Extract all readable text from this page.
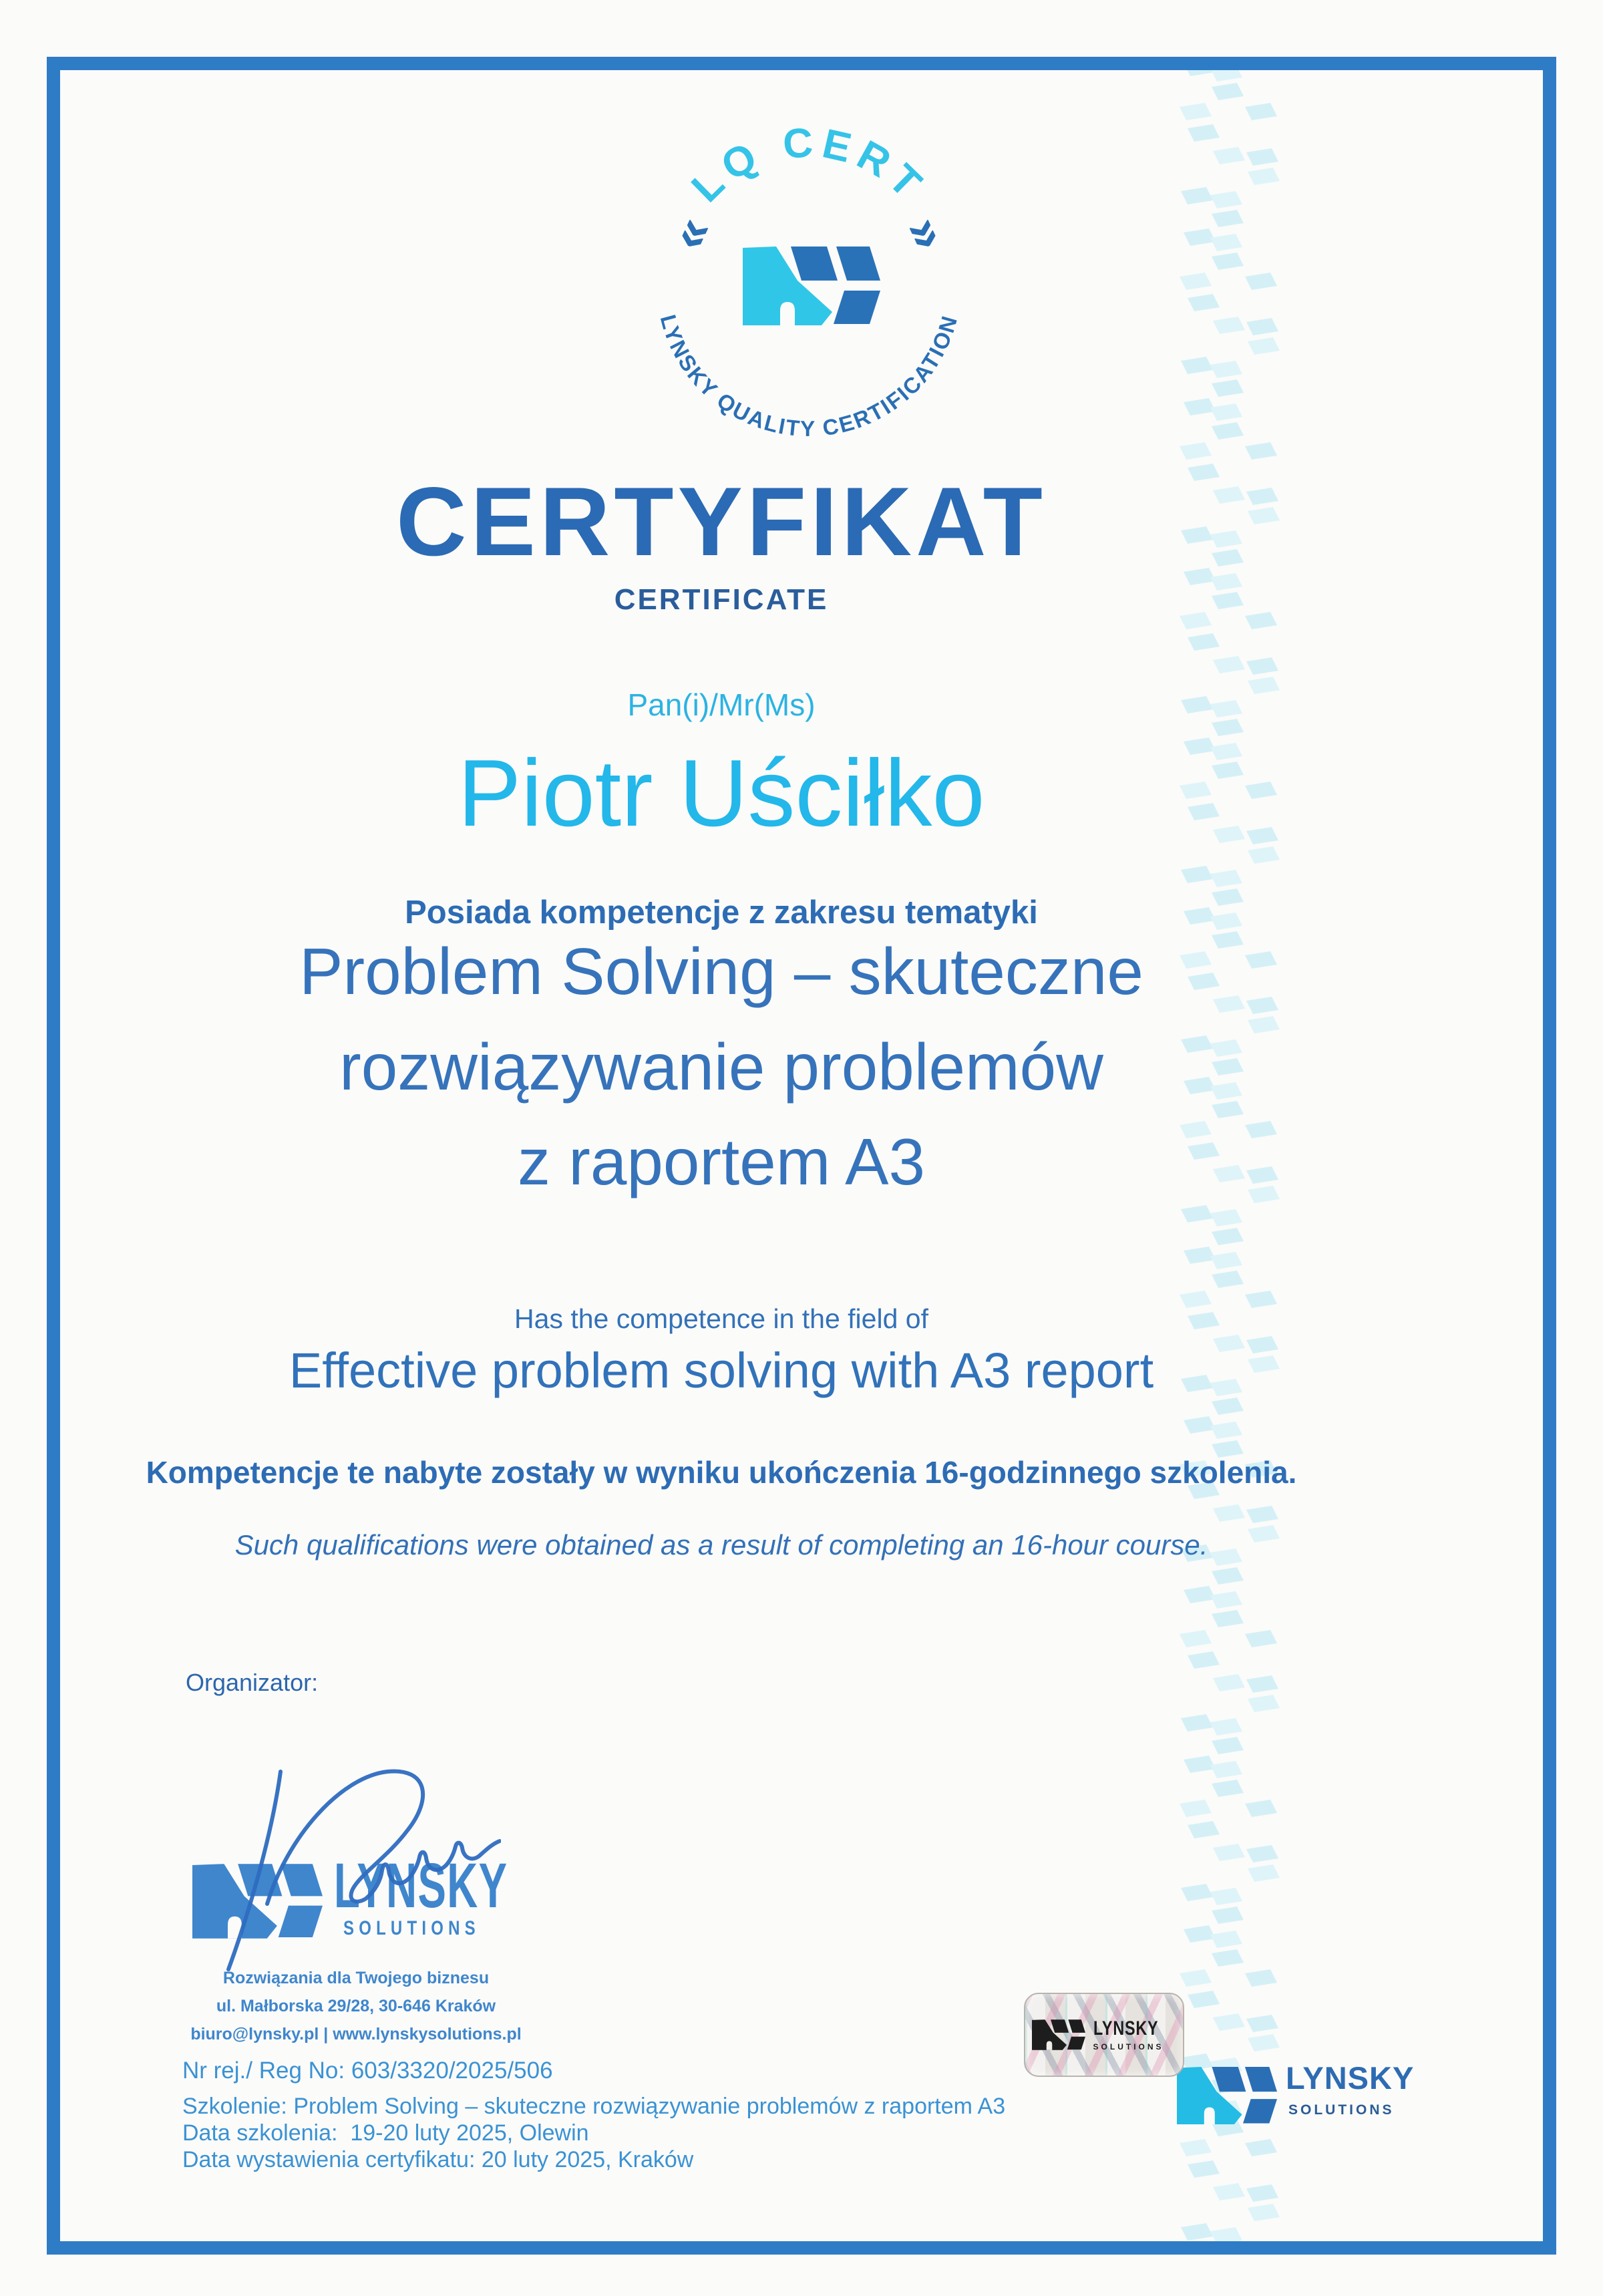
LQ CERT
LYNSKY QUALITY CERTIFICATION
«	»
CERTYFIKAT
CERTIFICATE
Pan(i)/Mr(Ms)
Piotr Uściłko
Posiada kompetencje z zakresu tematyki
Problem Solving – skuteczne
rozwiązywanie problemów
z raportem A3
Has the competence in the field of
Effective problem solving with A3 report
Kompetencje te nabyte zostały w wyniku ukończenia 16-godzinnego szkolenia.
Such qualifications were obtained as a result of completing an 16-hour course.
Organizator:
LYNSKY
SOLUTIONS
Rozwiązania dla Twojego biznesu
ul. Małborska 29/28, 30-646 Kraków
biuro@lynsky.pl | www.lynskysolutions.pl
Nr rej./ Reg No: 603/3320/2025/506
Szkolenie: Problem Solving – skuteczne rozwiązywanie problemów z raportem A3
Data szkolenia:  19-20 luty 2025, Olewin
Data wystawienia certyfikatu: 20 luty 2025, Kraków
LYNSKY
SOLUTIONS
LYNSKY
SOLUTIONS
